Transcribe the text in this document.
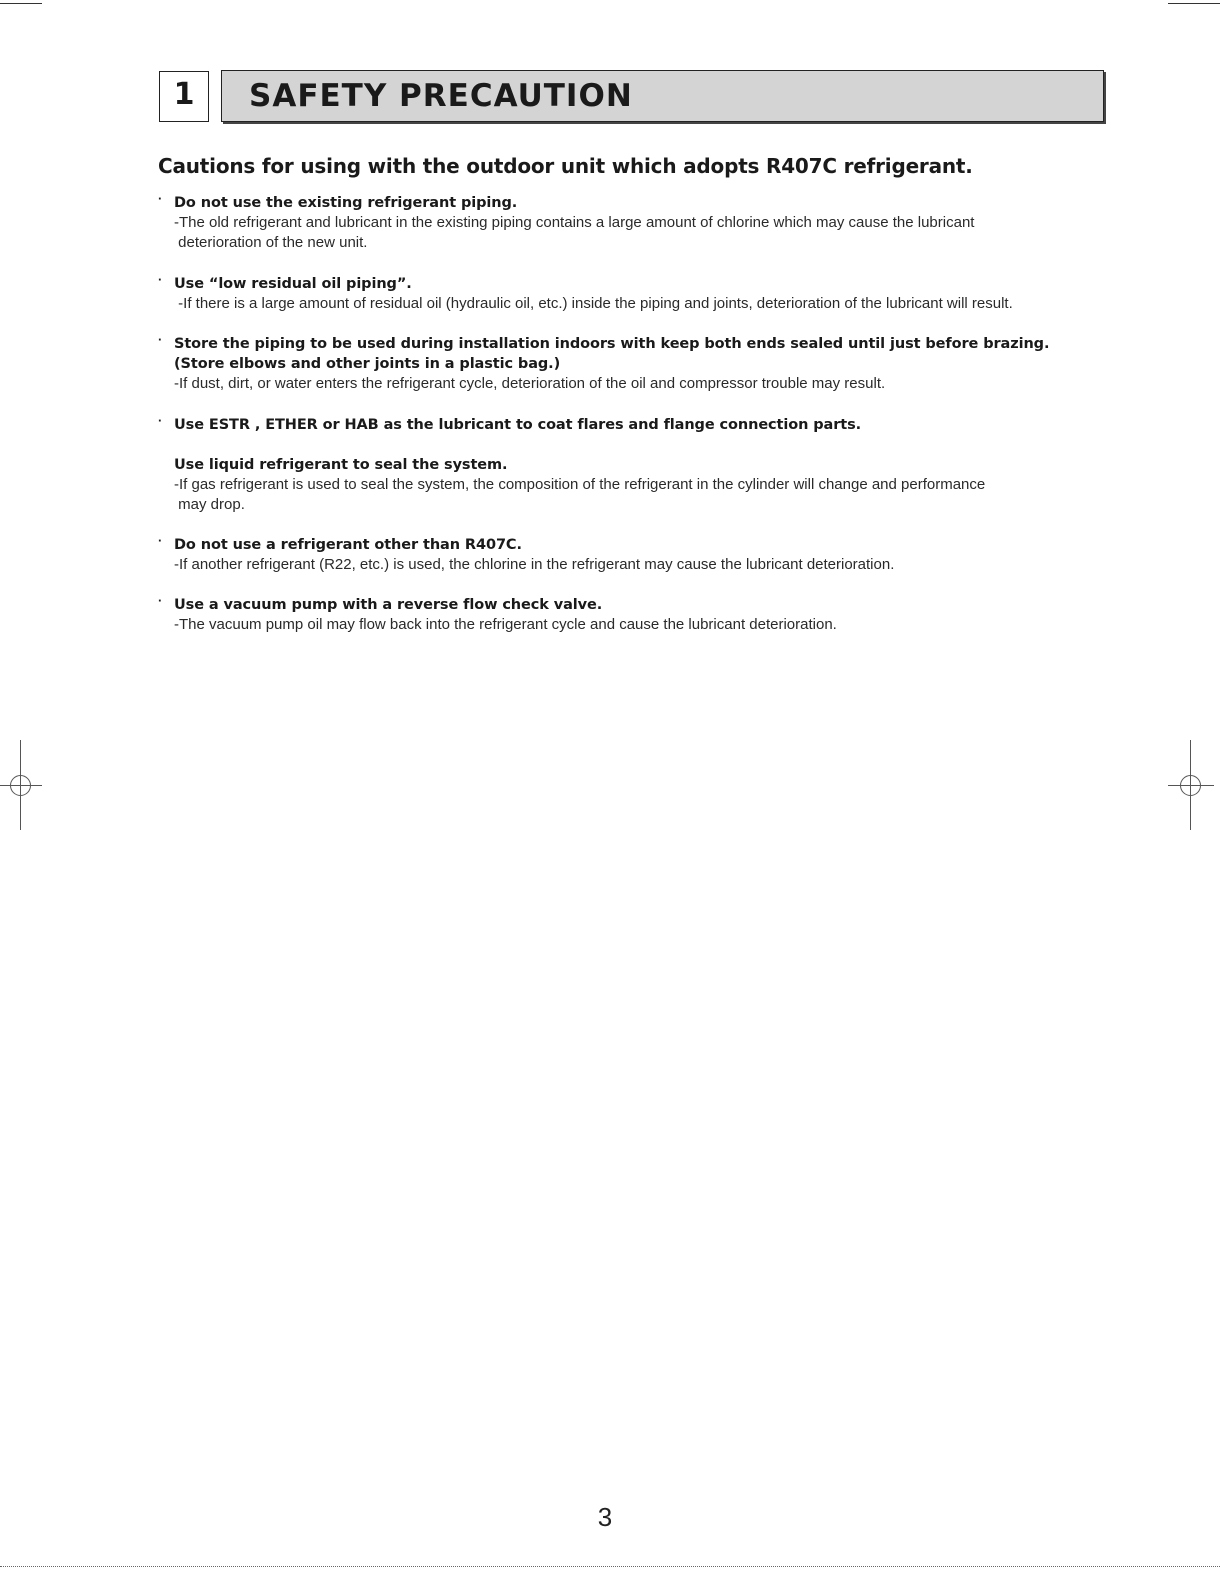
1	SAFETY PRECAUTION
Cautions for using with the outdoor unit which adopts R407C refrigerant.
· Do not use the existing refrigerant piping.
-The old refrigerant and lubricant in the existing piping contains a large amount of chlorine which may cause the lubricant
deterioration of the new unit.
· Use “low residual oil piping”.
-If there is a large amount of residual oil (hydraulic oil, etc.) inside the piping and joints, deterioration of the lubricant will result.
· Store the piping to be used during installation indoors with keep both ends sealed until just before brazing.
(Store elbows and other joints in a plastic bag.)
-If dust, dirt, or water enters the refrigerant cycle, deterioration of the oil and compressor trouble may result.
· Use ESTR , ETHER or HAB as the lubricant to coat flares and flange connection parts.
Use liquid refrigerant to seal the system.
-If gas refrigerant is used to seal the system, the composition of the refrigerant in the cylinder will change and performance
may drop.
· Do not use a refrigerant other than R407C.
-If another refrigerant (R22, etc.) is used, the chlorine in the refrigerant may cause the lubricant deterioration.
· Use a vacuum pump with a reverse flow check valve.
-The vacuum pump oil may flow back into the refrigerant cycle and cause the lubricant deterioration.
3
